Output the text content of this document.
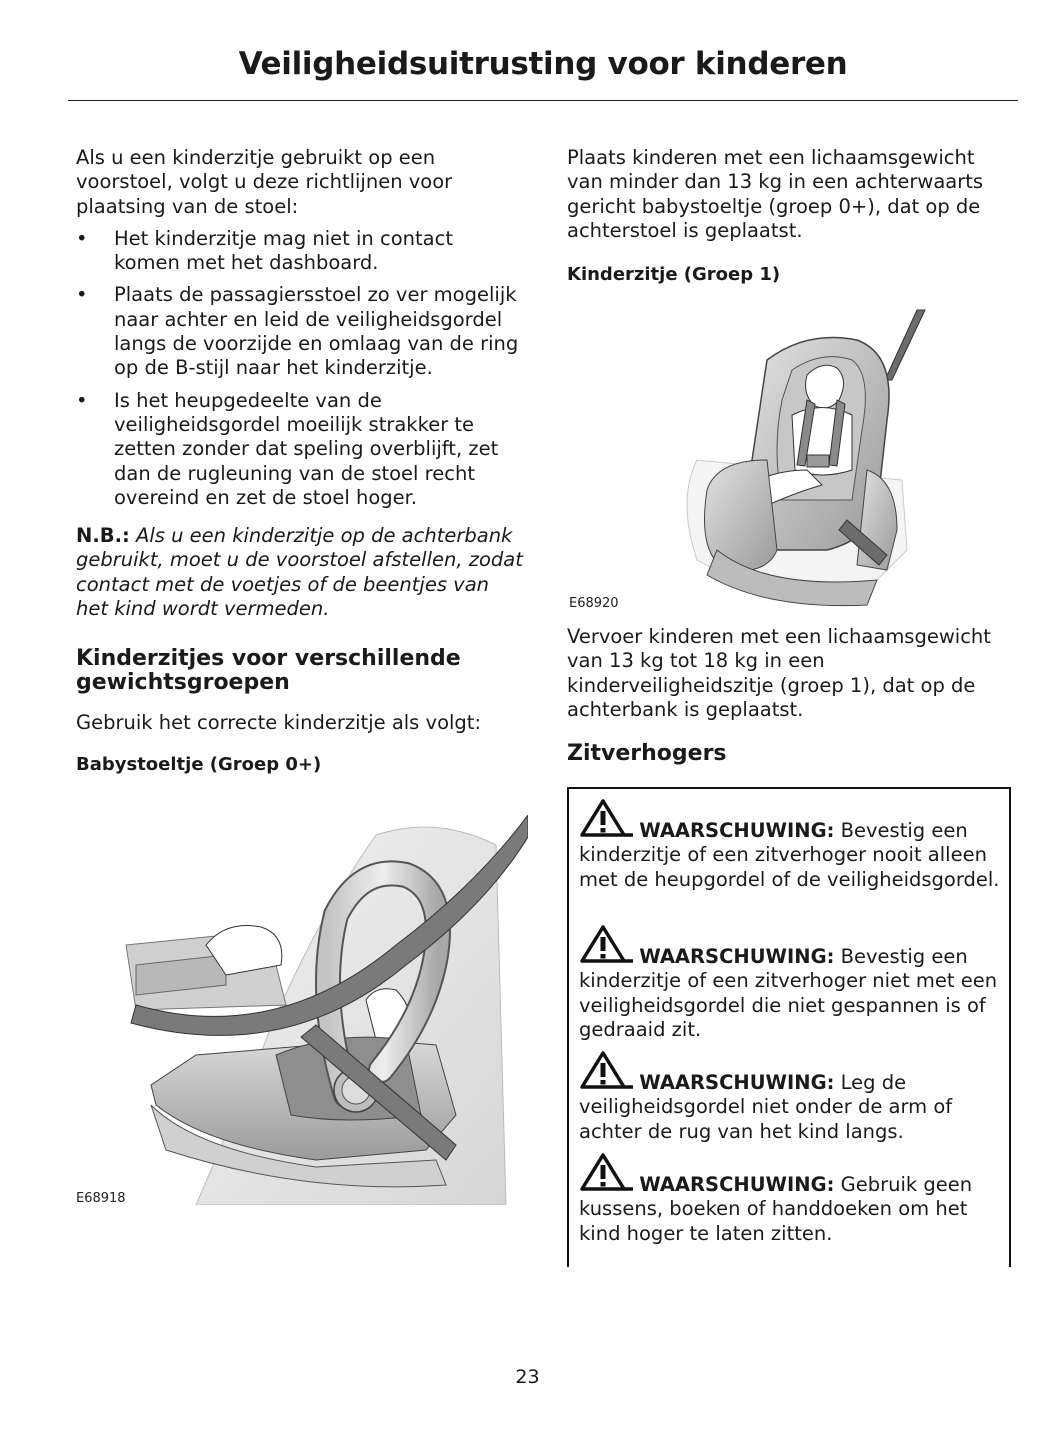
Veiligheidsuitrusting voor kinderen

Als u een kinderzitje gebruikt op een voorstoel, volgt u deze richtlijnen voor plaatsing van de stoel:

•	Het kinderzitje mag niet in contact komen met het dashboard.
•	Plaats de passagiersstoel zo ver mogelijk naar achter en leid de veiligheidsgordel langs de voorzijde en omlaag van de ring op de B-stijl naar het kinderzitje.
•	Is het heupgedeelte van de veiligheidsgordel moeilijk strakker te zetten zonder dat speling overblijft, zet dan de rugleuning van de stoel recht overeind en zet de stoel hoger.

N.B.: Als u een kinderzitje op de achterbank gebruikt, moet u de voorstoel afstellen, zodat contact met de voetjes of de beentjes van het kind wordt vermeden.

Kinderzitjes voor verschillende gewichtsgroepen

Gebruik het correcte kinderzitje als volgt:

Babystoeltje (Groep 0+)
E68918

Plaats kinderen met een lichaamsgewicht van minder dan 13 kg in een achterwaarts gericht babystoeltje (groep 0+), dat op de achterstoel is geplaatst.

Kinderzitje (Groep 1)
E68920

Vervoer kinderen met een lichaamsgewicht van 13 kg tot 18 kg in een kinderveiligheidszitje (groep 1), dat op de achterbank is geplaatst.

Zitverhogers

WAARSCHUWING: Bevestig een kinderzitje of een zitverhoger nooit alleen met de heupgordel of de veiligheidsgordel.

WAARSCHUWING: Bevestig een kinderzitje of een zitverhoger niet met een veiligheidsgordel die niet gespannen is of gedraaid zit.

WAARSCHUWING: Leg de veiligheidsgordel niet onder de arm of achter de rug van het kind langs.

WAARSCHUWING: Gebruik geen kussens, boeken of handdoeken om het kind hoger te laten zitten.

23
